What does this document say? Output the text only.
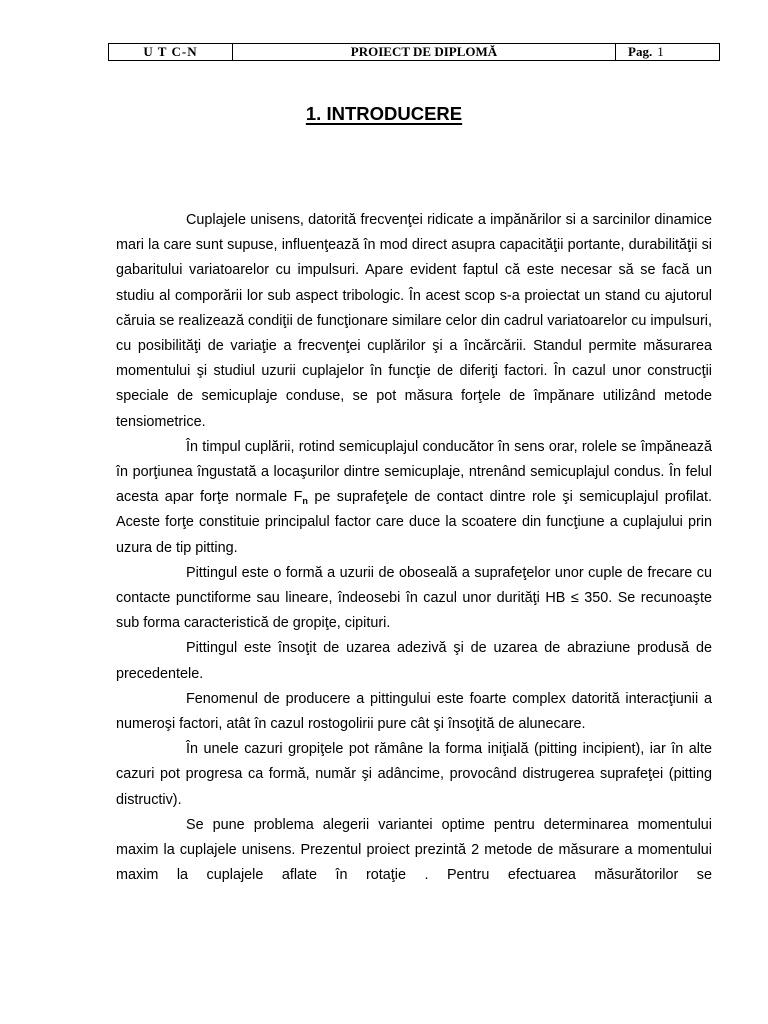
U T C-N	PROIECT DE DIPLOMĂ	Pag. 1
1. INTRODUCERE

Cuplajele unisens, datorită frecvenţei ridicate a impănărilor si a sarcinilor dinamice mari la care sunt supuse, influenţează în mod direct asupra capacităţii portante, durabilităţii si gabaritului variatoarelor cu impulsuri. Apare evident faptul că este necesar să se facă un studiu al comporării lor sub aspect tribologic. În acest scop s-a proiectat un stand cu ajutorul căruia se realizează condiţii de funcţionare similare celor din cadrul variatoarelor cu impulsuri, cu posibilităţi de variaţie a frecvenţei cuplărilor şi a încărcării. Standul permite măsurarea momentului şi studiul uzurii cuplajelor în funcţie de diferiţi factori. În cazul unor construcţii speciale de semicuplaje conduse, se pot măsura forţele de împănare utilizând metode tensiometrice.

În timpul cuplării, rotind semicuplajul conducător în sens orar, rolele se împănează în porţiunea îngustată a locaşurilor dintre semicuplaje, ntrenând semicuplajul condus. În felul acesta apar forţe normale $F_n$ pe suprafeţele de contact dintre role şi semicuplajul profilat. Aceste forţe constituie principalul factor care duce la scoatere din funcţiune a cuplajului prin uzura de tip pitting.

Pittingul este o formă a uzurii de oboseală a suprafeţelor unor cuple de frecare cu contacte punctiforme sau lineare, îndeosebi în cazul unor durităţi HB ≤ 350. Se recunoaşte sub forma caracteristică de gropiţe, cipituri.

Pittingul este însoţit de uzarea adezivă şi de uzarea de abraziune produsă de precedentele.

Fenomenul de producere a pittingului este foarte complex datorită interacţiunii a numeroşi factori, atât în cazul rostogolirii pure cât şi însoţită de alunecare.

În unele cazuri gropiţele pot rămâne la forma iniţială (pitting incipient), iar în alte cazuri pot progresa ca formă, număr şi adâncime, provocând distrugerea suprafeţei (pitting distructiv).

Se pune problema alegerii variantei optime pentru determinarea momentului maxim la cuplajele unisens. Prezentul proiect prezintă 2 metode de măsurare a momentului maxim la cuplajele aflate în rotaţie . Pentru efectuarea măsurătorilor se
